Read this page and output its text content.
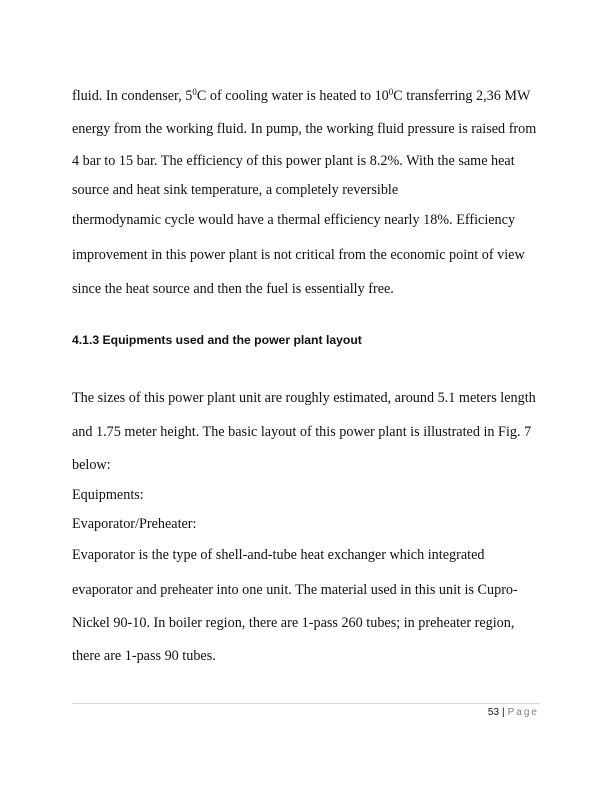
fluid. In condenser, $5^0C$ of cooling water is heated to $10^0C$ transferring 2,36 MW
energy from the working fluid. In pump, the working fluid pressure is raised from
4 bar to 15 bar. The efficiency of this power plant is 8.2%. With the same heat
source and heat sink temperature, a completely reversible
thermodynamic cycle would have a thermal efficiency nearly 18%. Efficiency
improvement in this power plant is not critical from the economic point of view
since the heat source and then the fuel is essentially free.
4.1.3 Equipments used and the power plant layout
The sizes of this power plant unit are roughly estimated, around 5.1 meters length
and 1.75 meter height. The basic layout of this power plant is illustrated in Fig. 7
below:
Equipments:
Evaporator/Preheater:
Evaporator is the type of shell-and-tube heat exchanger which integrated
evaporator and preheater into one unit. The material used in this unit is Cupro-
Nickel 90-10. In boiler region, there are 1-pass 260 tubes; in preheater region,
there are 1-pass 90 tubes.
53 | Page
